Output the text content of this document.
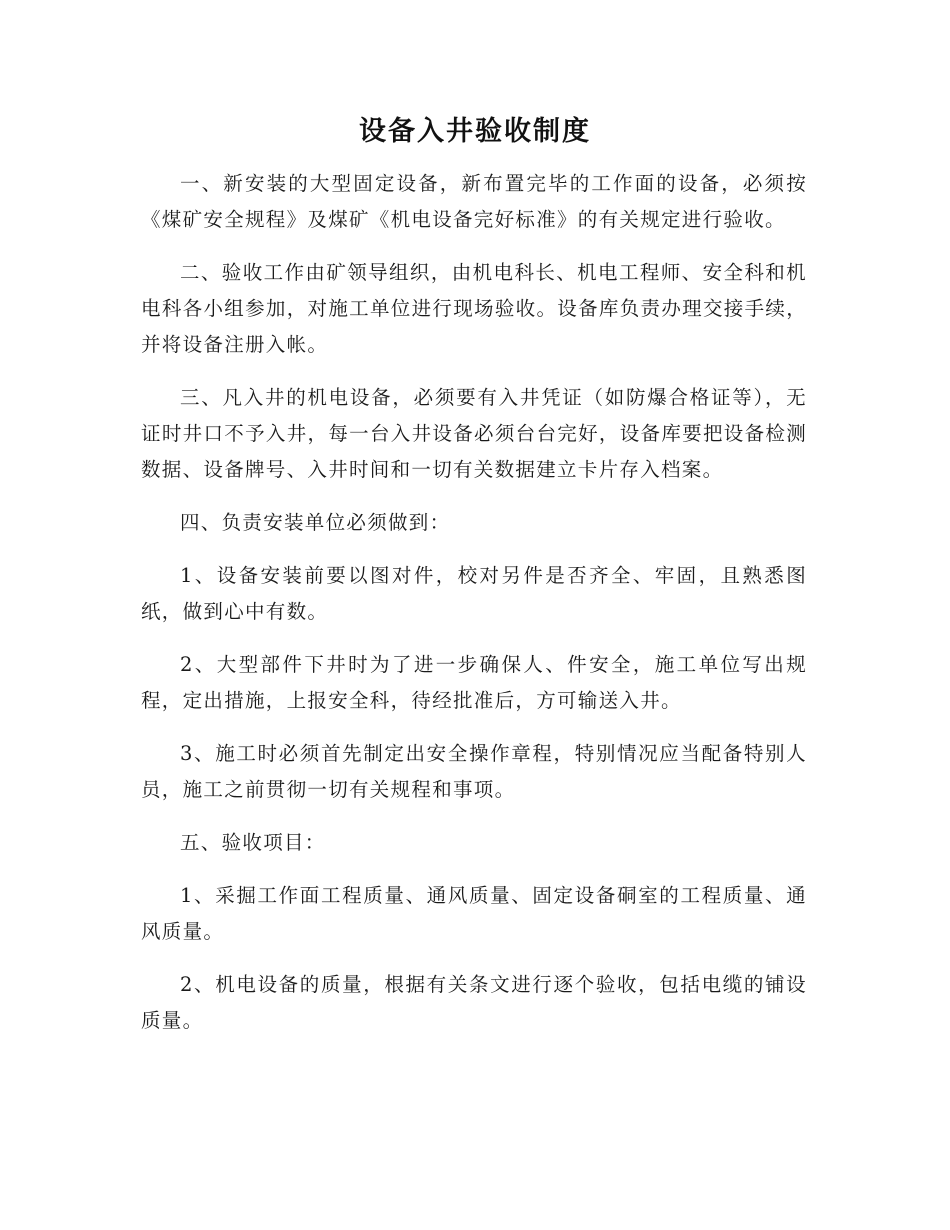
设备入井验收制度

一、新安装的大型固定设备，新布置完毕的工作面的设备，必须按《煤矿安全规程》及煤矿《机电设备完好标准》的有关规定进行验收。

二、验收工作由矿领导组织，由机电科长、机电工程师、安全科和机电科各小组参加，对施工单位进行现场验收。设备库负责办理交接手续，并将设备注册入帐。

三、凡入井的机电设备，必须要有入井凭证（如防爆合格证等），无证时井口不予入井，每一台入井设备必须台台完好，设备库要把设备检测数据、设备牌号、入井时间和一切有关数据建立卡片存入档案。

四、负责安装单位必须做到：

1、设备安装前要以图对件，校对另件是否齐全、牢固，且熟悉图纸，做到心中有数。

2、大型部件下井时为了进一步确保人、件安全，施工单位写出规程，定出措施，上报安全科，待经批准后，方可输送入井。

3、施工时必须首先制定出安全操作章程，特别情况应当配备特别人员，施工之前贯彻一切有关规程和事项。

五、验收项目：

1、采掘工作面工程质量、通风质量、固定设备硐室的工程质量、通风质量。

2、机电设备的质量，根据有关条文进行逐个验收，包括电缆的铺设质量。
